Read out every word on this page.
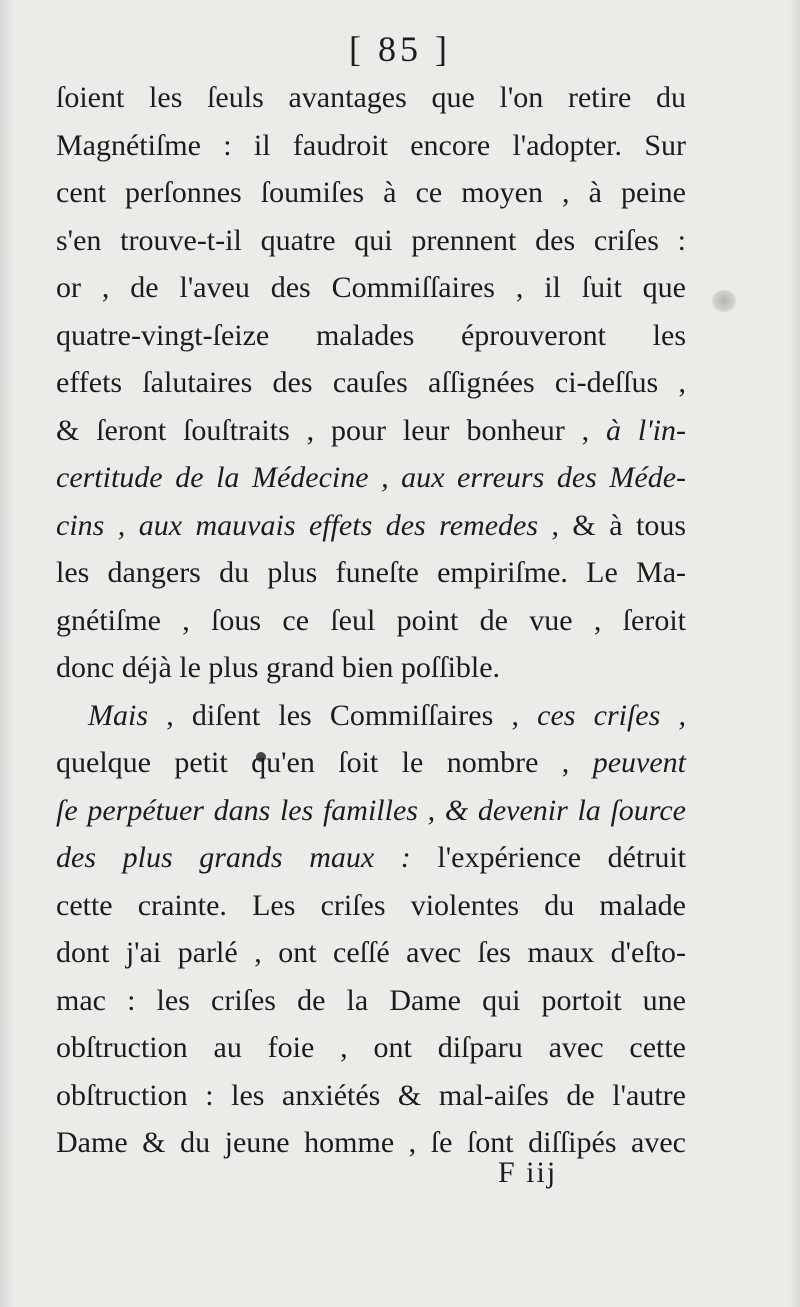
[ 85 ]
ſoient les ſeuls avantages que l'on retire du
Magnétiſme : il faudroit encore l'adopter. Sur
cent perſonnes ſoumiſes à ce moyen , à peine
s'en trouve-t-il quatre qui prennent des criſes :
or , de l'aveu des Commiſſaires , il ſuit que
quatre-vingt-ſeize malades éprouveront les
effets ſalutaires des cauſes aſſignées ci-deſſus ,
& ſeront ſouſtraits , pour leur bonheur , à l'in-
certitude de la Médecine , aux erreurs des Méde-
cins , aux mauvais effets des remedes , & à tous
les dangers du plus funeſte empiriſme. Le Ma-
gnétiſme , ſous ce ſeul point de vue , ſeroit
donc déjà le plus grand bien poſſible.
Mais , diſent les Commiſſaires , ces criſes ,
quelque petit qu'en ſoit le nombre , peuvent
ſe perpétuer dans les familles , & devenir la ſource
des plus grands maux : l'expérience détruit
cette crainte. Les criſes violentes du malade
dont j'ai parlé , ont ceſſé avec ſes maux d'eſto-
mac : les criſes de la Dame qui portoit une
obſtruction au foie , ont diſparu avec cette
obſtruction : les anxiétés & mal-aiſes de l'autre
Dame & du jeune homme , ſe ſont diſſipés avec
F iij
